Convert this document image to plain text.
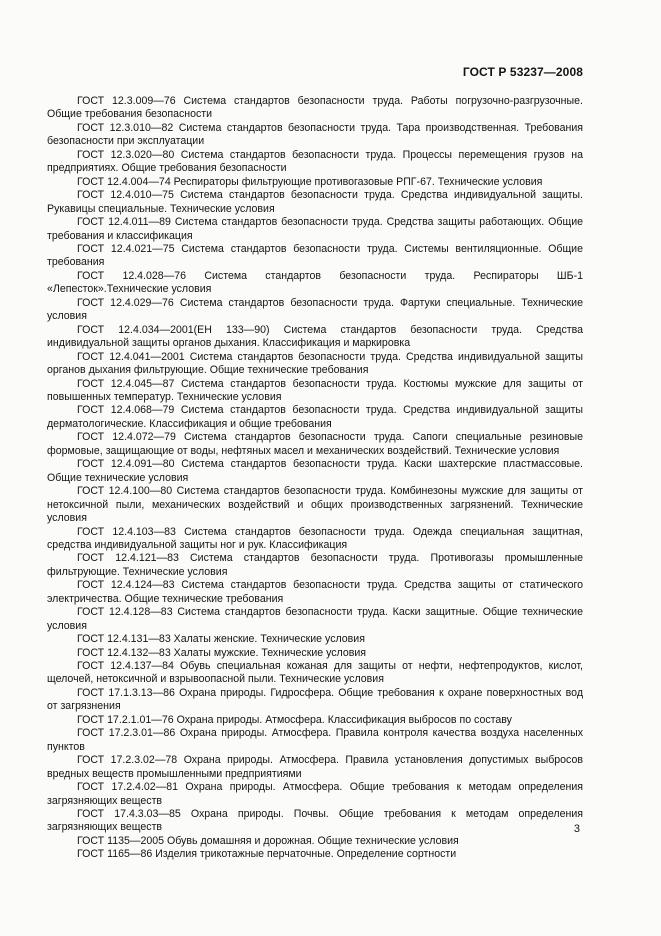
ГОСТ Р 53237—2008

ГОСТ 12.3.009—76 Система стандартов безопасности труда. Работы погрузочно-разгрузочные. Общие требования безопасности

ГОСТ 12.3.010—82 Система стандартов безопасности труда. Тара производственная. Требования безопасности при эксплуатации

ГОСТ 12.3.020—80 Система стандартов безопасности труда. Процессы перемещения грузов на предприятиях. Общие требования безопасности

ГОСТ 12.4.004—74 Респираторы фильтрующие противогазовые РПГ-67. Технические условия

ГОСТ 12.4.010—75 Система стандартов безопасности труда. Средства индивидуальной защиты. Рукавицы специальные. Технические условия

ГОСТ 12.4.011—89 Система стандартов безопасности труда. Средства защиты работающих. Общие требования и классификация

ГОСТ 12.4.021—75 Система стандартов безопасности труда. Системы вентиляционные. Общие требования

ГОСТ 12.4.028—76 Система стандартов безопасности труда. Респираторы ШБ-1 «Лепесток».Технические условия

ГОСТ 12.4.029—76 Система стандартов безопасности труда. Фартуки специальные. Технические условия

ГОСТ 12.4.034—2001(ЕН 133—90) Система стандартов безопасности труда. Средства индивидуальной защиты органов дыхания. Классификация и маркировка

ГОСТ 12.4.041—2001 Система стандартов безопасности труда. Средства индивидуальной защиты органов дыхания фильтрующие. Общие технические требования

ГОСТ 12.4.045—87 Система стандартов безопасности труда. Костюмы мужские для защиты от повышенных температур. Технические условия

ГОСТ 12.4.068—79 Система стандартов безопасности труда. Средства индивидуальной защиты дерматологические. Классификация и общие требования

ГОСТ 12.4.072—79 Система стандартов безопасности труда. Сапоги специальные резиновые формовые, защищающие от воды, нефтяных масел и механических воздействий. Технические условия

ГОСТ 12.4.091—80 Система стандартов безопасности труда. Каски шахтерские пластмассовые. Общие технические условия

ГОСТ 12.4.100—80 Система стандартов безопасности труда. Комбинезоны мужские для защиты от нетоксичной пыли, механических воздействий и общих производственных загрязнений. Технические условия

ГОСТ 12.4.103—83 Система стандартов безопасности труда. Одежда специальная защитная, средства индивидуальной защиты ног и рук. Классификация

ГОСТ 12.4.121—83 Система стандартов безопасности труда. Противогазы промышленные фильтрующие. Технические условия

ГОСТ 12.4.124—83 Система стандартов безопасности труда. Средства защиты от статического электричества. Общие технические требования

ГОСТ 12.4.128—83 Система стандартов безопасности труда. Каски защитные. Общие технические условия

ГОСТ 12.4.131—83 Халаты женские. Технические условия

ГОСТ 12.4.132—83 Халаты мужские. Технические условия

ГОСТ 12.4.137—84 Обувь специальная кожаная для защиты от нефти, нефтепродуктов, кислот, щелочей, нетоксичной и взрывоопасной пыли. Технические условия

ГОСТ 17.1.3.13—86 Охрана природы. Гидросфера. Общие требования к охране поверхностных вод от загрязнения

ГОСТ 17.2.1.01—76 Охрана природы. Атмосфера. Классификация выбросов по составу

ГОСТ 17.2.3.01—86 Охрана природы. Атмосфера. Правила контроля качества воздуха населенных пунктов

ГОСТ 17.2.3.02—78 Охрана природы. Атмосфера. Правила установления допустимых выбросов вредных веществ промышленными предприятиями

ГОСТ 17.2.4.02—81 Охрана природы. Атмосфера. Общие требования к методам определения загрязняющих веществ

ГОСТ 17.4.3.03—85 Охрана природы. Почвы. Общие требования к методам определения загрязняющих веществ

ГОСТ 1135—2005 Обувь домашняя и дорожная. Общие технические условия

ГОСТ 1165—86 Изделия трикотажные перчаточные. Определение сортности

3
